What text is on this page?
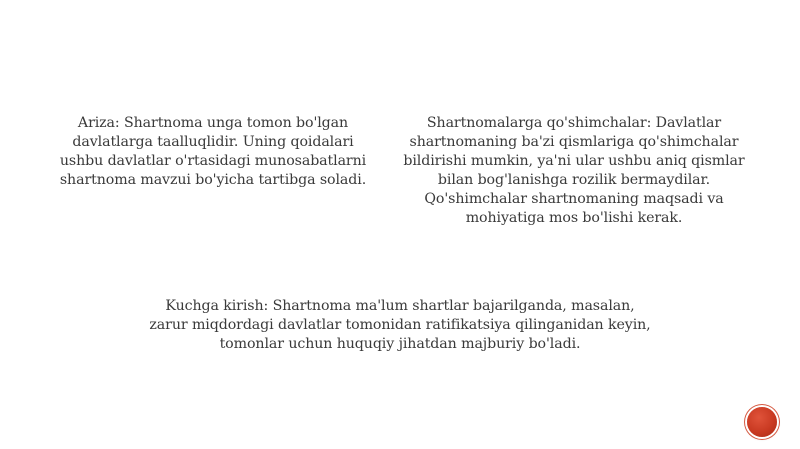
Ariza: Shartnoma unga tomon bo'lgan
davlatlarga taalluqlidir. Uning qoidalari
ushbu davlatlar o'rtasidagi munosabatlarni
shartnoma mavzui bo'yicha tartibga soladi.
Shartnomalarga qo'shimchalar: Davlatlar
shartnomaning ba'zi qismlariga qo'shimchalar
bildirishi mumkin, ya'ni ular ushbu aniq qismlar
bilan bog'lanishga rozilik bermaydilar.
Qo'shimchalar shartnomaning maqsadi va
mohiyatiga mos bo'lishi kerak.
Kuchga kirish: Shartnoma ma'lum shartlar bajarilganda, masalan,
zarur miqdordagi davlatlar tomonidan ratifikatsiya qilinganidan keyin,
tomonlar uchun huquqiy jihatdan majburiy bo'ladi.
